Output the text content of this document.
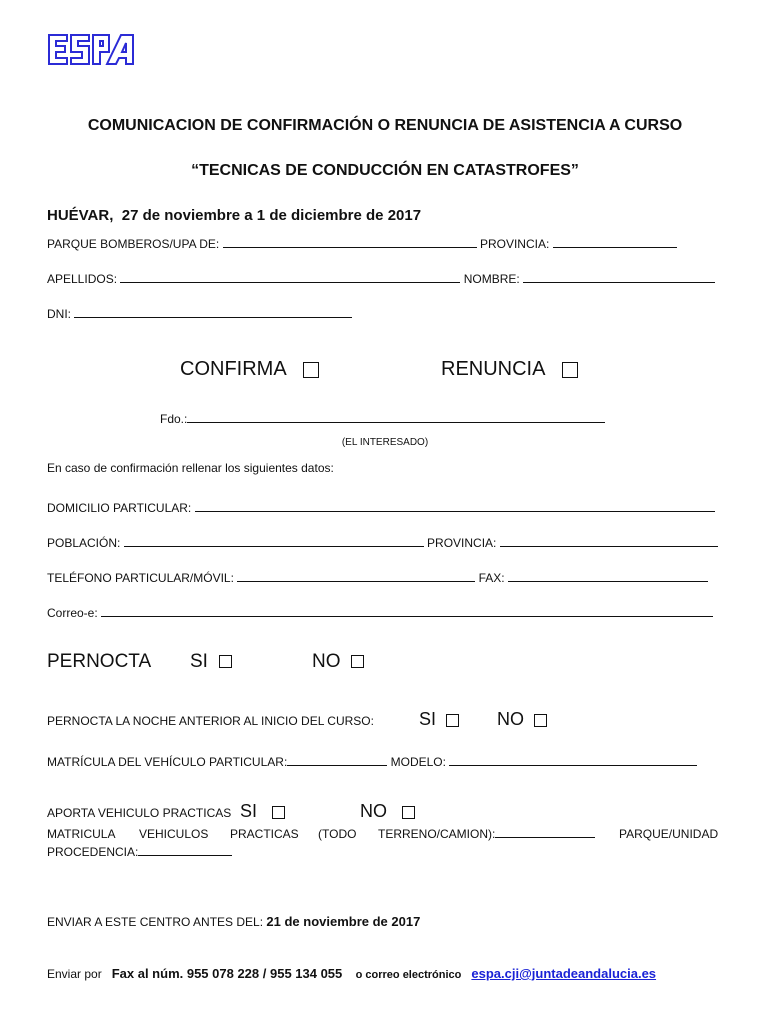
COMUNICACION DE CONFIRMACIÓN O RENUNCIA DE ASISTENCIA A CURSO
“TECNICAS DE CONDUCCIÓN EN CATASTROFES”
HUÉVAR,  27 de noviembre a 1 de diciembre de 2017
PARQUE BOMBEROS/UPA DE:	PROVINCIA:
APELLIDOS:	NOMBRE:
DNI:
CONFIRMA	RENUNCIA
Fdo.:
(EL INTERESADO)
En caso de confirmación rellenar los siguientes datos:
DOMICILIO PARTICULAR:
POBLACIÓN:	PROVINCIA:
TELÉFONO PARTICULAR/MÓVIL:	FAX:
Correo-e:
PERNOCTA SI	NO
PERNOCTA LA NOCHE ANTERIOR AL INICIO DEL CURSO:	SI	NO
MATRÍCULA DEL VEHÍCULO PARTICULAR:	MODELO:
APORTA VEHICULO PRACTICAS SI	NO
MATRICULA VEHICULOS PRACTICAS (TODO TERRENO/CAMION):	PARQUE/UNIDAD
PROCEDENCIA:
ENVIAR A ESTE CENTRO ANTES DEL: 21 de noviembre de 2017
Enviar por Fax al núm. 955 078 228 / 955 134 055 o correo electrónico espa.cji@juntadeandalucia.es
